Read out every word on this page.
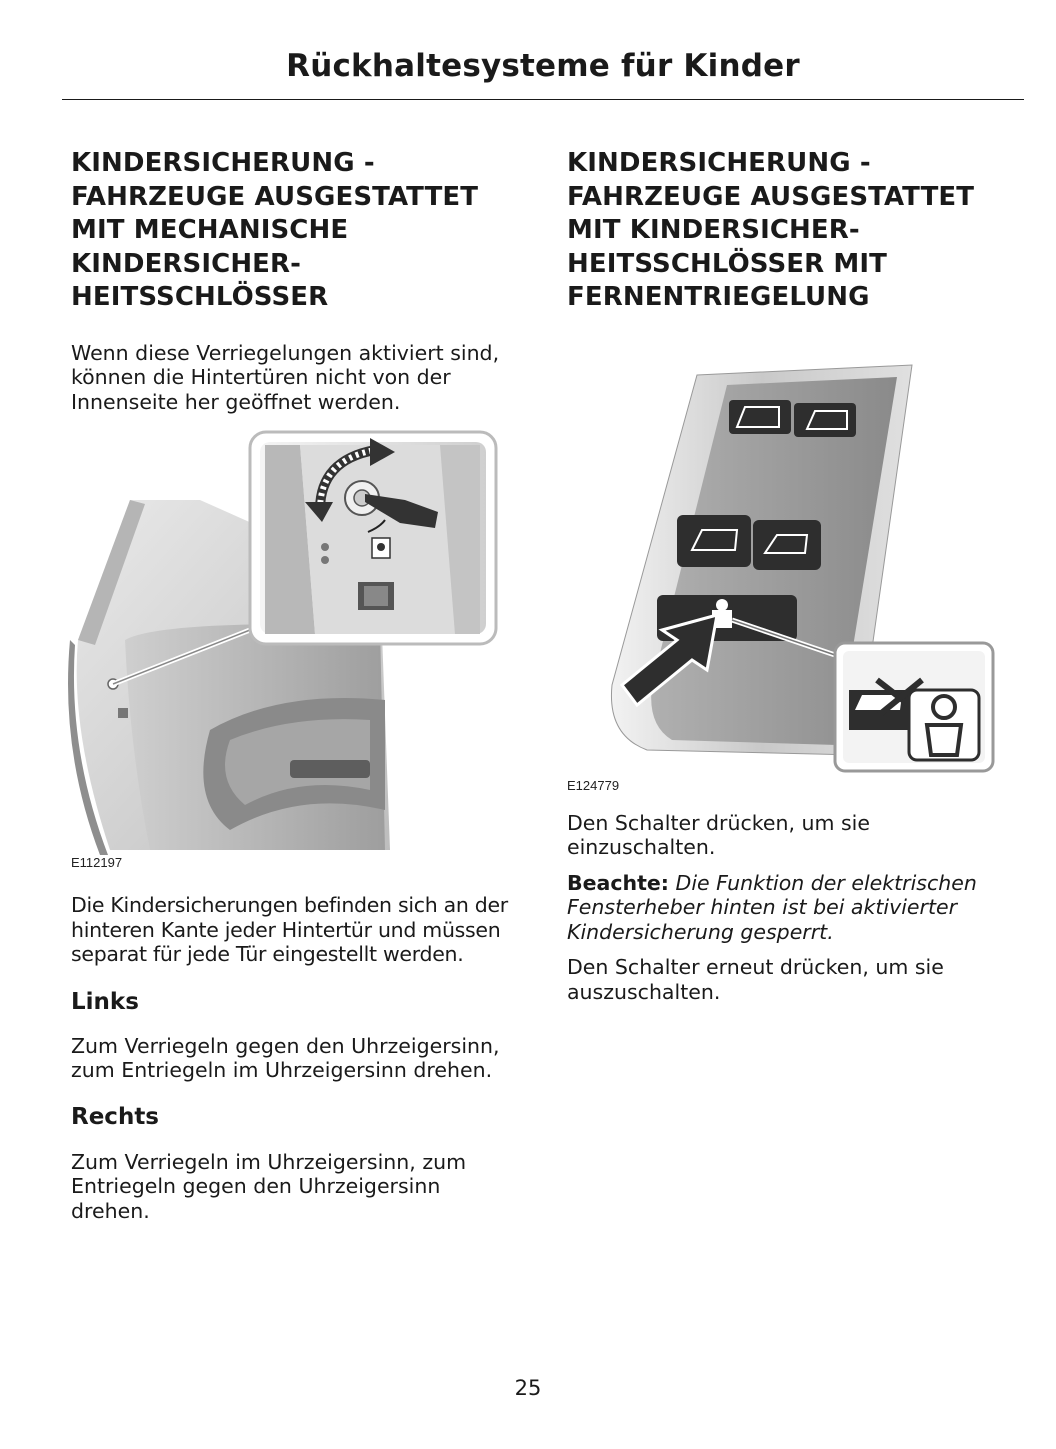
Rückhaltesysteme für Kinder
KINDERSICHERUNG -
FAHRZEUGE AUSGESTATTET
MIT MECHANISCHE
KINDERSICHER-
HEITSSCHLÖSSER

Wenn diese Verriegelungen aktiviert sind,
können die Hintertüren nicht von der
Innenseite her geöffnet werden.

E112197

Die Kindersicherungen befinden sich an der
hinteren Kante jeder Hintertür und müssen
separat für jede Tür eingestellt werden.

Links

Zum Verriegeln gegen den Uhrzeigersinn,
zum Entriegeln im Uhrzeigersinn drehen.

Rechts

Zum Verriegeln im Uhrzeigersinn, zum
Entriegeln gegen den Uhrzeigersinn drehen.

KINDERSICHERUNG -
FAHRZEUGE AUSGESTATTET
MIT KINDERSICHER-
HEITSSCHLÖSSER MIT
FERNENTRIEGELUNG
E124779

Den Schalter drücken, um sie
einzuschalten.

Beachte: Die Funktion der elektrischen
Fensterheber hinten ist bei aktivierter
Kindersicherung gesperrt.

Den Schalter erneut drücken, um sie
auszuschalten.

25
